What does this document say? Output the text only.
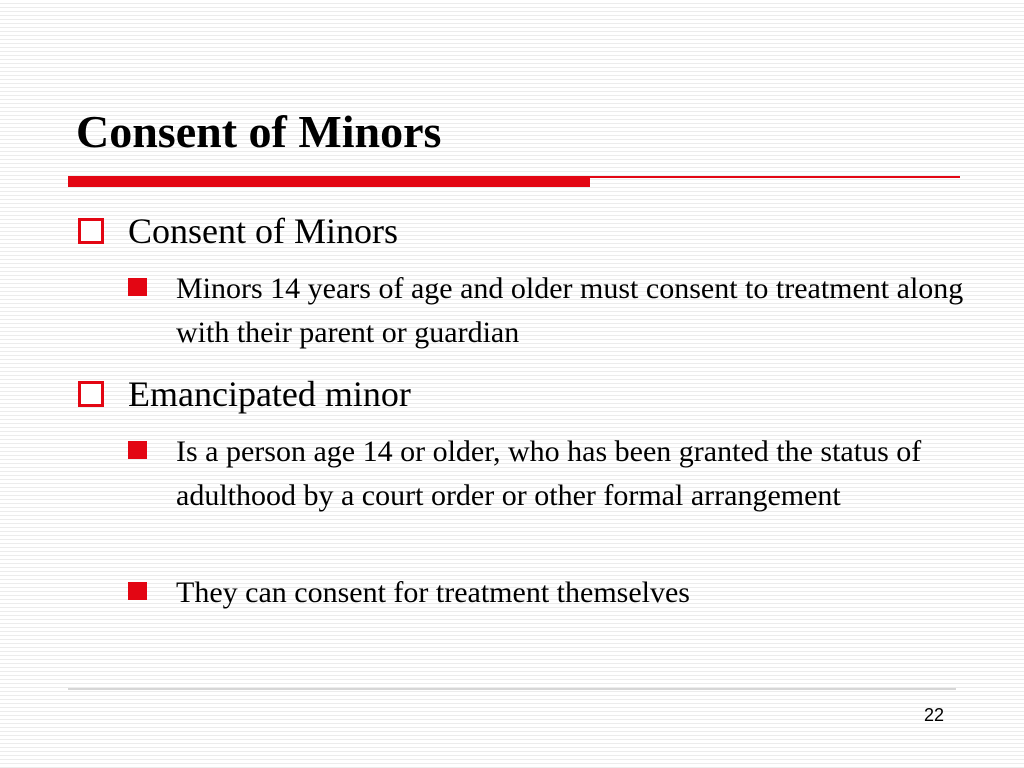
Consent of Minors
Consent of Minors
Minors 14 years of age and older must consent to treatment along with their parent or guardian
Emancipated minor
Is a person age 14 or older, who has been granted the status of adulthood by a court order or other formal arrangement
They can consent for treatment themselves
22
